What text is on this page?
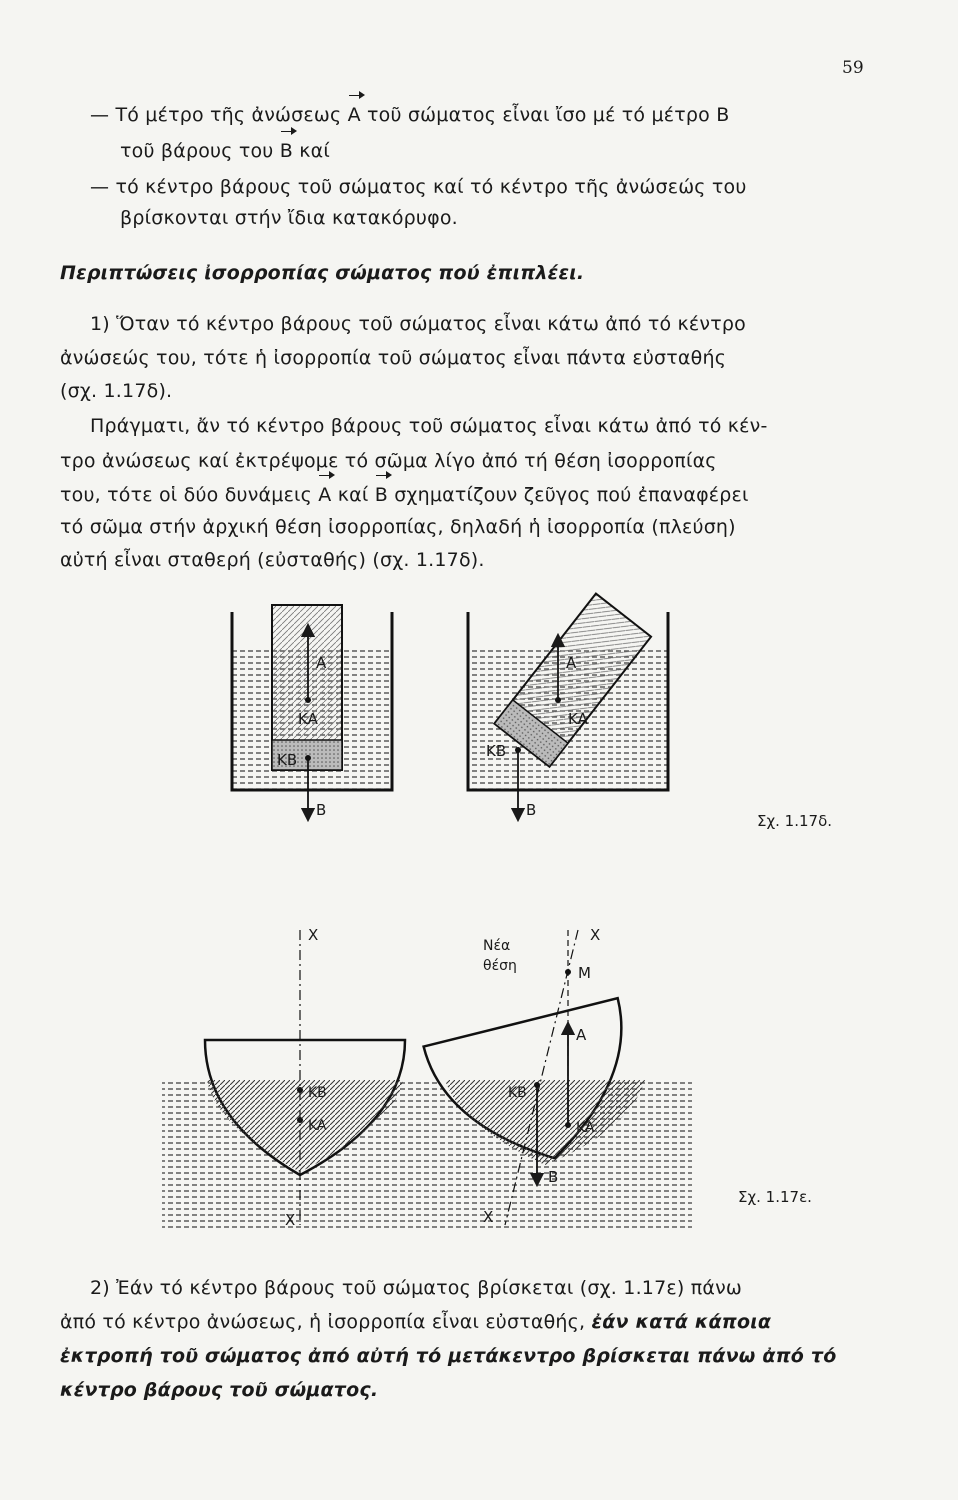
59
— Τό μέτρο τῆς ἀνώσεως A τοῦ σώματος εἶναι ἴσο μέ τό μέτρο B
τοῦ βάρους του B καί
— τό κέντρο βάρους τοῦ σώματος καί τό κέντρο τῆς ἀνώσεώς του
βρίσκονται στήν ἴδια κατακόρυφο.
Περιπτώσεις ἰσορροπίας σώματος πού ἐπιπλέει.
1) Ὅταν τό κέντρο βάρους τοῦ σώματος εἶναι κάτω ἀπό τό κέντρο
ἀνώσεώς του, τότε ἡ ἰσορροπία τοῦ σώματος εἶναι πάντα εὐσταθής
(σχ. 1.17δ).
Πράγματι, ἄν τό κέντρο βάρους τοῦ σώματος εἶναι κάτω ἀπό τό κέν-
τρο ἀνώσεως καί ἐκτρέψομε τό σῶμα λίγο ἀπό τή θέση ἰσορροπίας
του, τότε οἱ δύο δυνάμεις A καί B σχηματίζουν ζεῦγος πού ἐπαναφέρει
τό σῶμα στήν ἀρχική θέση ἰσορροπίας, δηλαδή ἡ ἰσορροπία (πλεύση)
αὐτή εἶναι σταθερή (εὐσταθής) (σχ. 1.17δ).
A
KA
KB
B
A
KA
KB
B
X
KB
KA
X
Νέα
θέση
X
M
A
KB
KA
B
X
Σχ. 1.17δ.
Σχ. 1.17ε.
2) Ἐάν τό κέντρο βάρους τοῦ σώματος βρίσκεται (σχ. 1.17ε) πάνω
ἀπό τό κέντρο ἀνώσεως, ἡ ἰσορροπία εἶναι εὐσταθής, ἐάν κατά κάποια
ἐκτροπή τοῦ σώματος ἀπό αὐτή τό μετάκεντρο βρίσκεται πάνω ἀπό τό
κέντρο βάρους τοῦ σώματος.
